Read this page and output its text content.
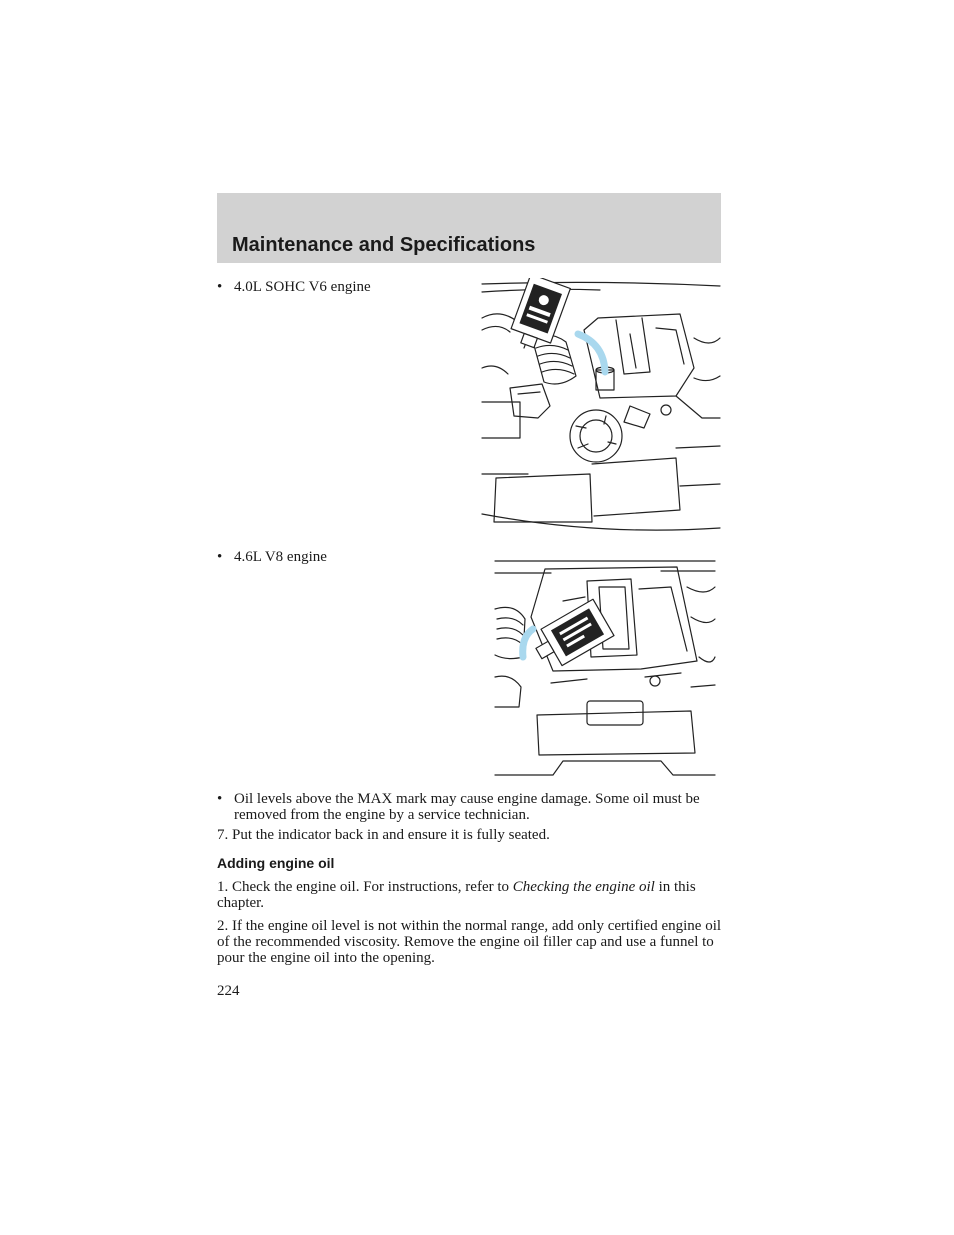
Maintenance and Specifications
• 4.0L SOHC V6 engine
• 4.6L V8 engine
• Oil levels above the MAX mark may cause engine damage. Some oil must be removed from the engine by a service technician.

7. Put the indicator back in and ensure it is fully seated.

Adding engine oil

1. Check the engine oil. For instructions, refer to Checking the engine oil in this chapter.

2. If the engine oil level is not within the normal range, add only certified engine oil of the recommended viscosity. Remove the engine oil filler cap and use a funnel to pour the engine oil into the opening.

224
